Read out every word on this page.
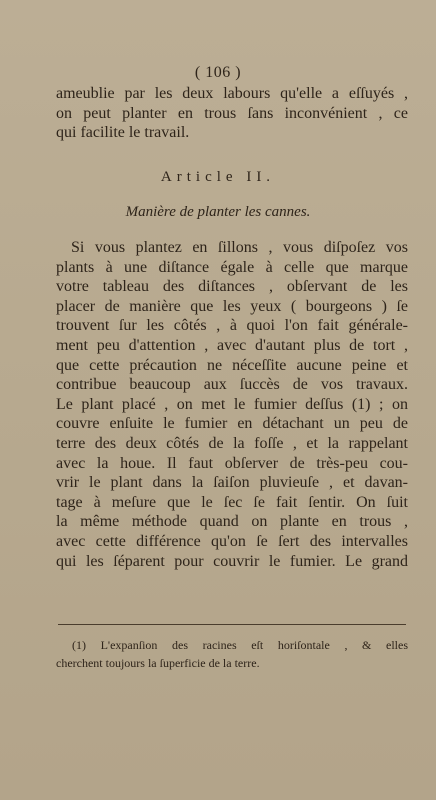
( 106 )
ameublie par les deux labours qu'elle a eſſuyés ,
on peut planter en trous ſans inconvénient , ce
qui facilite le travail.
Article II.
Manière de planter les cannes.
Si vous plantez en ſillons , vous diſpoſez vos
plants à une diſtance égale à celle que marque
votre tableau des diſtances , obſervant de les
placer de manière que les yeux ( bourgeons ) ſe
trouvent ſur les côtés , à quoi l'on fait générale-
ment peu d'attention , avec d'autant plus de tort ,
que cette précaution ne néceſſite aucune peine et
contribue beaucoup aux ſuccès de vos travaux.
Le plant placé , on met le fumier deſſus (1) ; on
couvre enſuite le fumier en détachant un peu de
terre des deux côtés de la foſſe , et la rappelant
avec la houe. Il faut obſerver de très-peu cou-
vrir le plant dans la ſaiſon pluvieuſe , et davan-
tage à meſure que le ſec ſe fait ſentir. On ſuit
la même méthode quand on plante en trous ,
avec cette différence qu'on ſe ſert des intervalles
qui les ſéparent pour couvrir le fumier. Le grand
(1) L'expanſion des racines eſt horiſontale , & elles
cherchent toujours la ſuperficie de la terre.
